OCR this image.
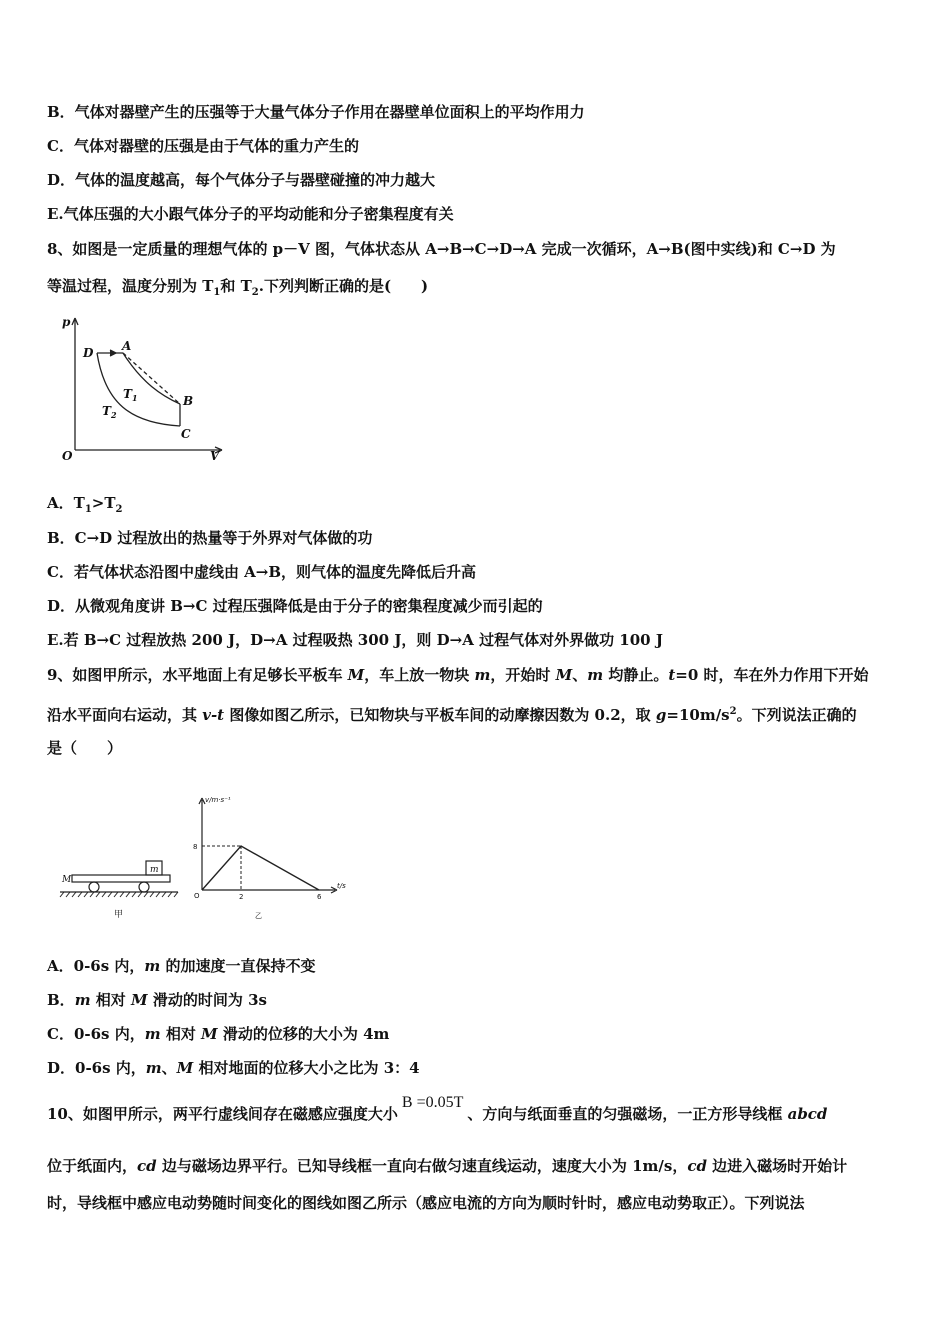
B．气体对器壁产生的压强等于大量气体分子作用在器壁单位面积上的平均作用力
C．气体对器壁的压强是由于气体的重力产生的
D．气体的温度越高，每个气体分子与器壁碰撞的冲力越大
E.气体压强的大小跟气体分子的平均动能和分子密集程度有关
8、如图是一定质量的理想气体的 p－V 图，气体状态从 A→B→C→D→A 完成一次循环，A→B(图中实线)和 C→D 为
等温过程，温度分别为 $T_1$和 $T_2$.下列判断正确的是(　　)
p
V
O
D A
B
C
$T_1$
$T_2$
A．$T_1>T_2$
B．C→D 过程放出的热量等于外界对气体做的功
C．若气体状态沿图中虚线由 A→B，则气体的温度先降低后升高
D．从微观角度讲 B→C 过程压强降低是由于分子的密集程度减少而引起的
E.若 B→C 过程放热 200 J，D→A 过程吸热 300 J，则 D→A 过程气体对外界做功 100 J
9、如图甲所示，水平地面上有足够长平板车 M，车上放一物块 m，开始时 M、m 均静止。t=0 时，车在外力作用下开始
沿水平面向右运动，其 v-t 图像如图乙所示，已知物块与平板车间的动摩擦因数为 0.2，取 $g=10m/s^2$。下列说法正确的
是（　　）
m
M
甲
v/m·s⁻¹
t/s
O
8
2	6
乙
A．0-6s 内，m 的加速度一直保持不变
B．m 相对 M 滑动的时间为 3s
C．0-6s 内，m 相对 M 滑动的位移的大小为 4m
D．0-6s 内，m、M 相对地面的位移大小之比为 3：4
10、如图甲所示，两平行虚线间存在磁感应强度大小B =0.05T、方向与纸面垂直的匀强磁场，一正方形导线框 abcd
位于纸面内，cd 边与磁场边界平行。已知导线框一直向右做匀速直线运动，速度大小为 1m/s，cd 边进入磁场时开始计
时，导线框中感应电动势随时间变化的图线如图乙所示（感应电流的方向为顺时针时，感应电动势取正）。下列说法
